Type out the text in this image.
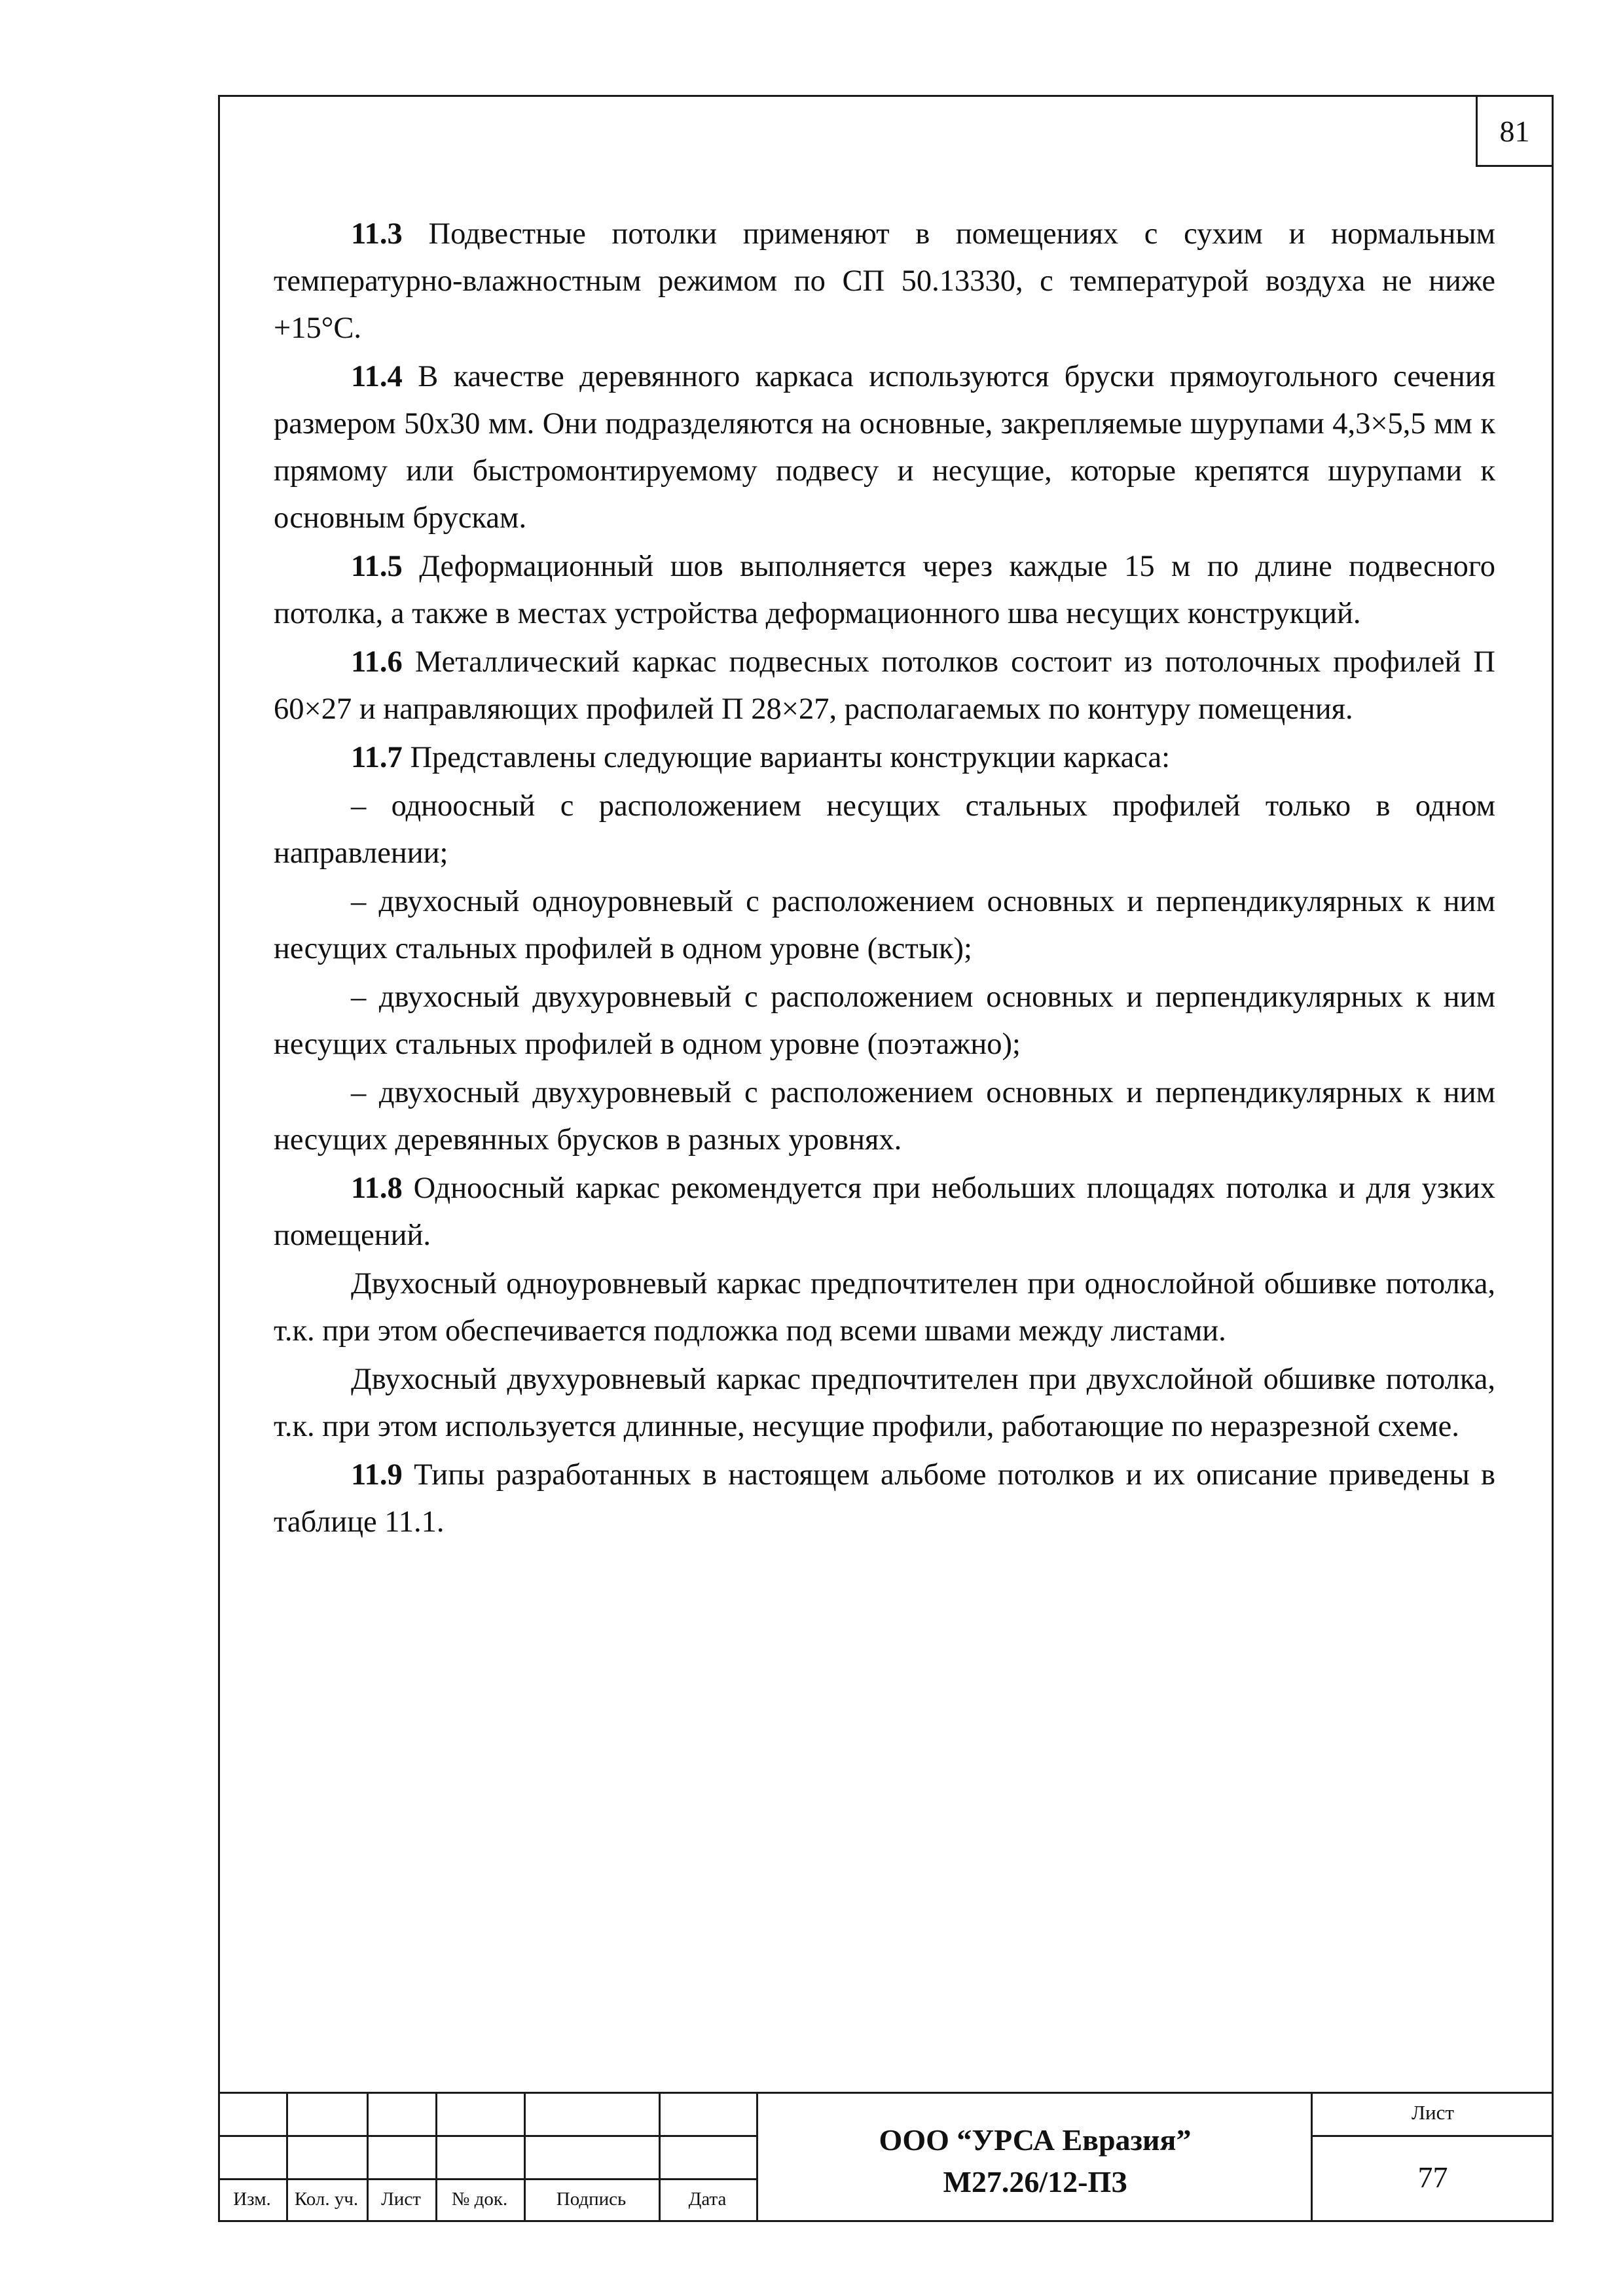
81

11.3 Подвестные потолки применяют в помещениях с сухим и нормальным температурно-влажностным режимом по СП 50.13330, с температурой воздуха не ниже +15°С.

11.4 В качестве деревянного каркаса используются бруски прямоугольного сечения размером 50х30 мм. Они подразделяются на основные, закрепляемые шурупами 4,3×5,5 мм к прямому или быстромонтируемому подвесу и несущие, которые крепятся шурупами к основным брускам.

11.5 Деформационный шов выполняется через каждые 15 м по длине подвесного потолка, а также в местах устройства деформационного шва несущих конструкций.

11.6 Металлический каркас подвесных потолков состоит из потолочных профилей П 60×27 и направляющих профилей П 28×27, располагаемых по контуру помещения.

11.7 Представлены следующие варианты конструкции каркаса:

– одноосный с расположением несущих стальных профилей только в одном направлении;

– двухосный одноуровневый с расположением основных и перпендикулярных к ним несущих стальных профилей в одном уровне (встык);

– двухосный двухуровневый с расположением основных и перпендикулярных к ним несущих стальных профилей в одном уровне (поэтажно);

– двухосный двухуровневый с расположением основных и перпендикулярных к ним несущих деревянных брусков в разных уровнях.

11.8 Одноосный каркас рекомендуется при небольших площадях потолка и для узких помещений.

Двухосный одноуровневый каркас предпочтителен при однослойной обшивке потолка, т.к. при этом обеспечивается подложка под всеми швами между листами.

Двухосный двухуровневый каркас предпочтителен при двухслойной обшивке потолка, т.к. при этом используется длинные, несущие профили, работающие по неразрезной схеме.

11.9 Типы разработанных в настоящем альбоме потолков и их описание приведены в таблице 11.1.

Изм.	Кол. уч.	Лист	№ док.	Подпись	Дата
ООО “УРСА Евразия”
М27.26/12-ПЗ
Лист
77
